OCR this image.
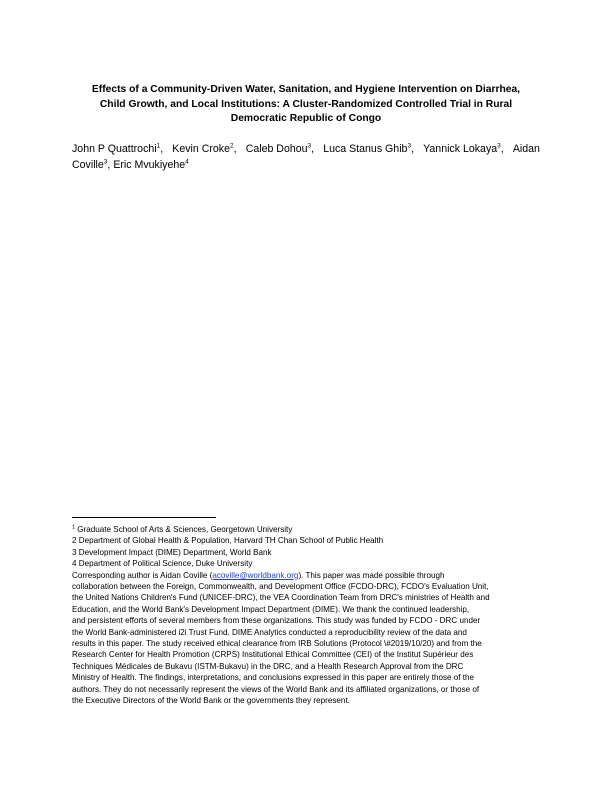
Effects of a Community-Driven Water, Sanitation, and Hygiene Intervention on Diarrhea,
Child Growth, and Local Institutions: A Cluster-Randomized Controlled Trial in Rural
Democratic Republic of Congo
John P Quattrochi$^1$, Kevin Croke$^2$, Caleb Dohou$^3$, Luca Stanus Ghib$^3$, Yannick Lokaya$^3$, Aidan
Coville$^3$, Eric Mvukiyehe$^4$
$^1$ Graduate School of Arts & Sciences, Georgetown University
2 Department of Global Health & Population, Harvard TH Chan School of Public Health
3 Development Impact (DIME) Department, World Bank
4 Department of Political Science, Duke University
Corresponding author is Aidan Coville (acoville@worldbank.org). This paper was made possible through
collaboration between the Foreign, Commonwealth, and Development Office (FCDO-DRC), FCDO's Evaluation Unit,
the United Nations Children's Fund (UNICEF-DRC), the VEA Coordination Team from DRC's ministries of Health and
Education, and the World Bank's Development Impact Department (DIME). We thank the continued leadership,
and persistent efforts of several members from these organizations. This study was funded by FCDO - DRC under
the World Bank-administered i2i Trust Fund. DIME Analytics conducted a reproducibility review of the data and
results in this paper. The study received ethical clearance from IRB Solutions (Protocol \#2019/10/20) and from the
Research Center for Health Promotion (CRPS) Institutional Ethical Committee (CEI) of the Institut Supérieur des
Techniques Médicales de Bukavu (ISTM-Bukavu) in the DRC, and a Health Research Approval from the DRC
Ministry of Health. The findings, interpretations, and conclusions expressed in this paper are entirely those of the
authors. They do not necessarily represent the views of the World Bank and its affiliated organizations, or those of
the Executive Directors of the World Bank or the governments they represent.
